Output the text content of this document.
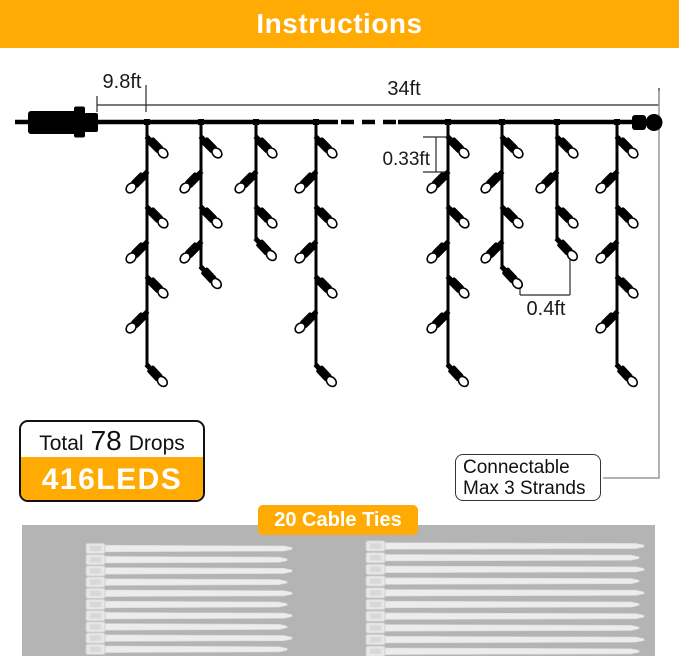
Instructions
9.8ft	34ft
0.33ft
0.4ft
Total 78 Drops
416LEDS	Connectable
Max 3 Strands
20 Cable Ties
